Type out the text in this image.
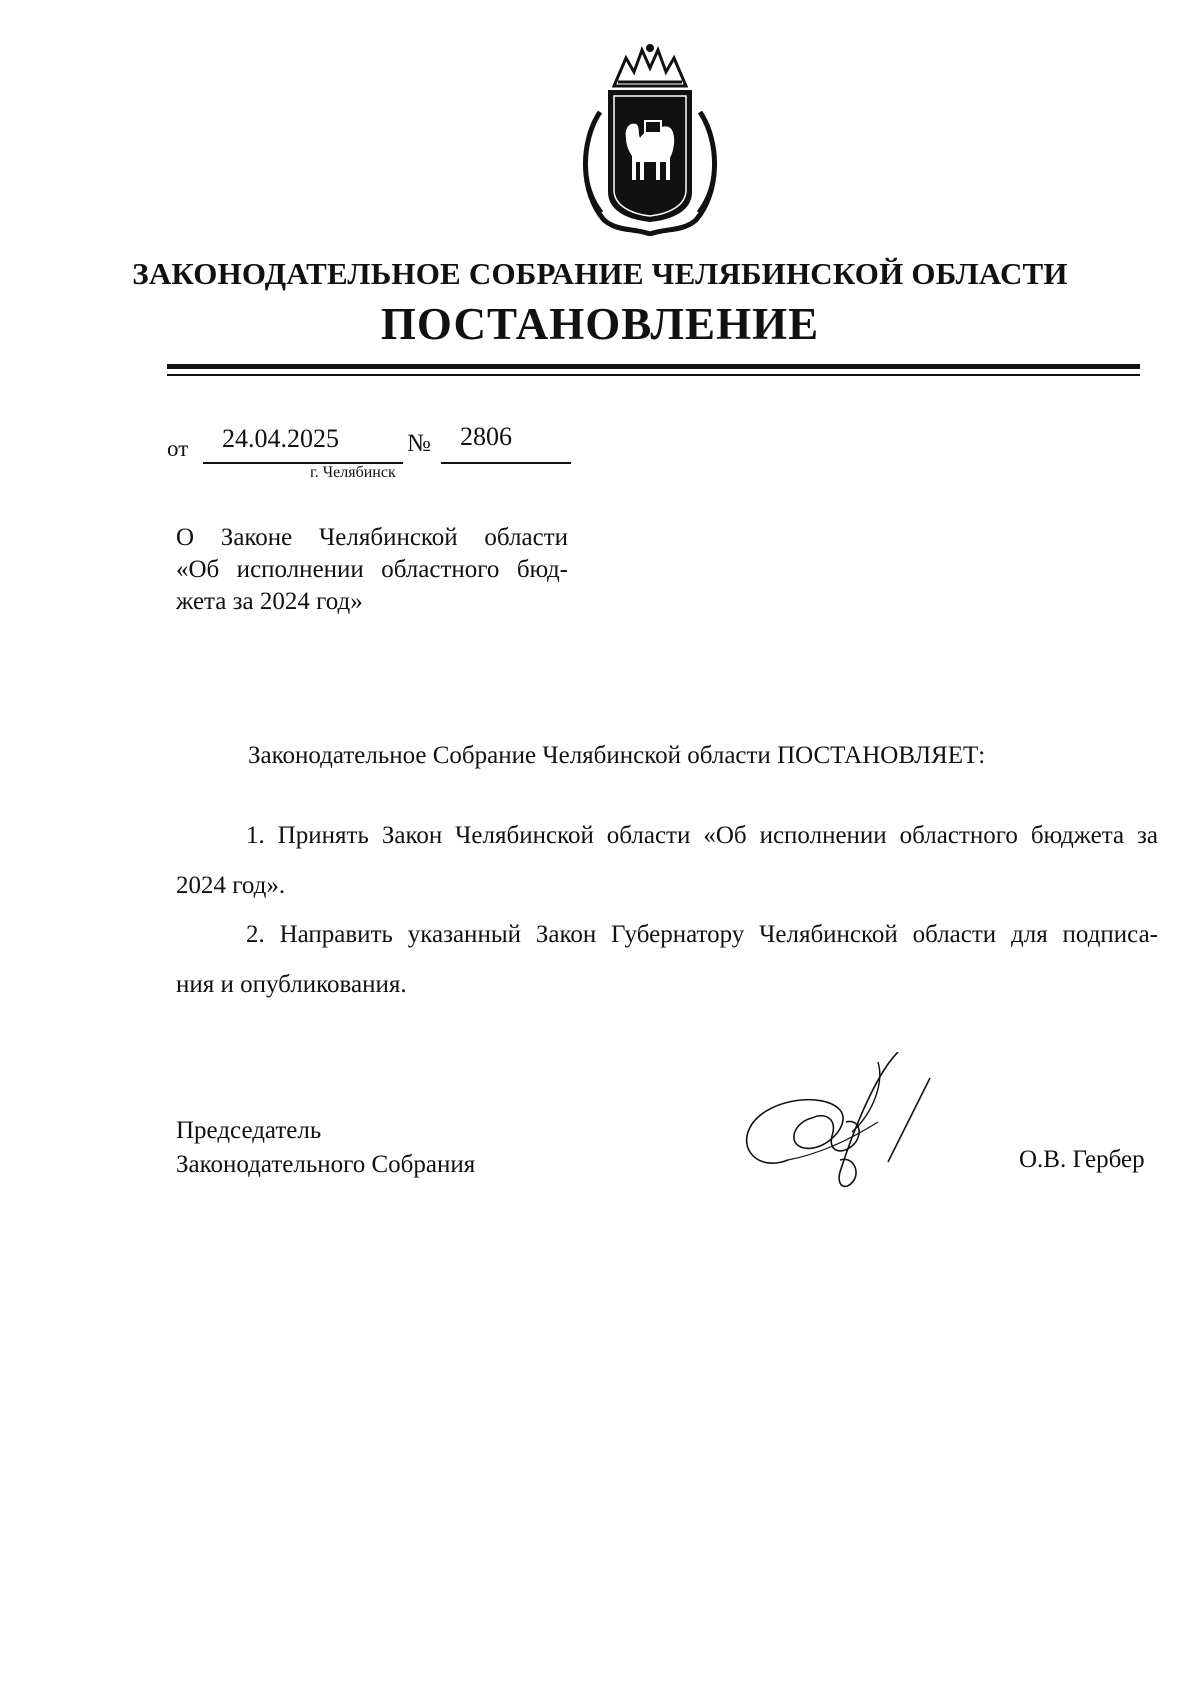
ЗАКОНОДАТЕЛЬНОЕ СОБРАНИЕ ЧЕЛЯБИНСКОЙ ОБЛАСТИ
ПОСТАНОВЛЕНИЕ
от 24.04.2025	№ 2806
г. Челябинск
О Законе Челябинской области
«Об исполнении областного бюд-
жета за 2024 год»
Законодательное Собрание Челябинской области ПОСТАНОВЛЯЕТ:
1. Принять Закон Челябинской области «Об исполнении областного бюджета за
2024 год».
2. Направить указанный Закон Губернатору Челябинской области для подписа-
ния и опубликования.
Председатель
Законодательного Собрания	О.В. Гербер
